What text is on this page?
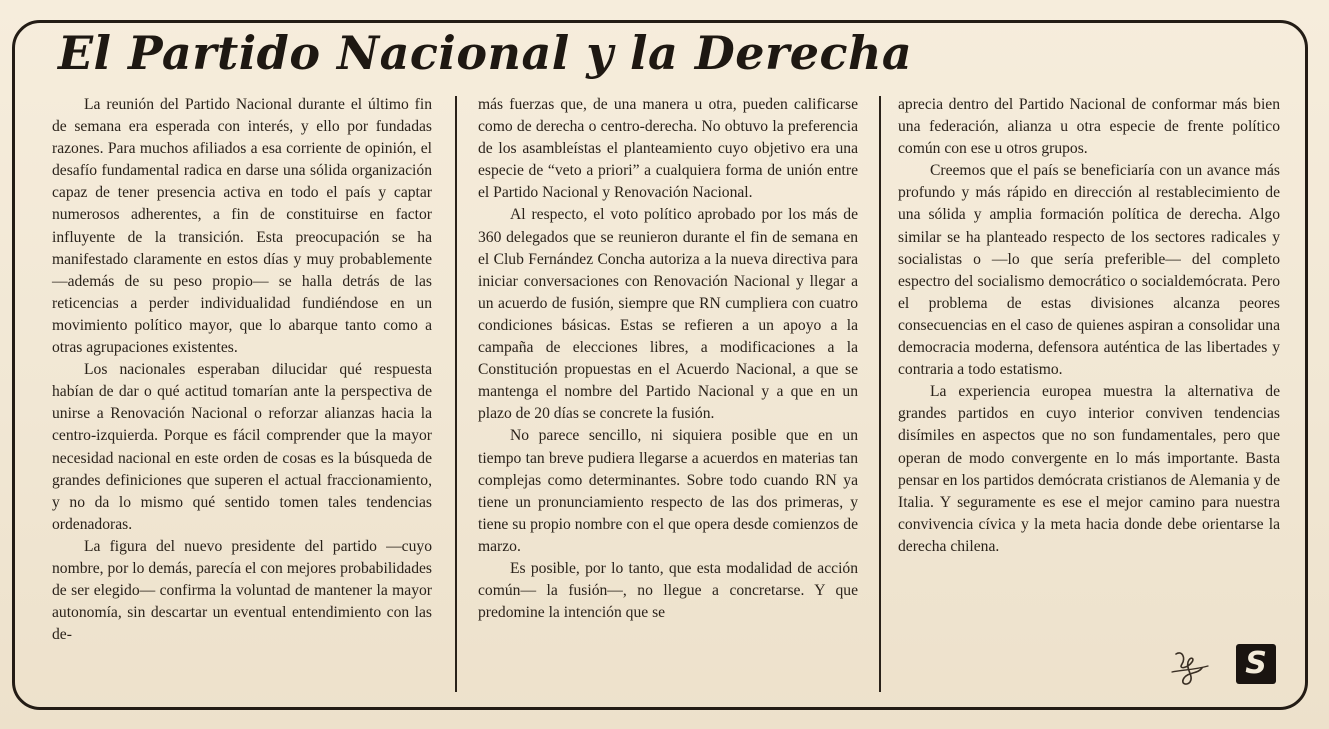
El Partido Nacional y la Derecha

La reunión del Partido Nacional durante el último fin de semana era esperada con interés, y ello por fundadas razones. Para muchos afiliados a esa corriente de opinión, el desafío fundamental radica en darse una sólida organización capaz de tener presencia activa en todo el país y captar numerosos adherentes, a fin de constituirse en factor influyente de la transición. Esta preocupación se ha manifestado claramente en estos días y muy probablemente —además de su peso propio— se halla detrás de las reticencias a perder individualidad fundiéndose en un movimiento político mayor, que lo abarque tanto como a otras agrupaciones existentes.

Los nacionales esperaban dilucidar qué respuesta habían de dar o qué actitud tomarían ante la perspectiva de unirse a Renovación Nacional o reforzar alianzas hacia la centro-izquierda. Porque es fácil comprender que la mayor necesidad nacional en este orden de cosas es la búsqueda de grandes definiciones que superen el actual fraccionamiento, y no da lo mismo qué sentido tomen tales tendencias ordenadoras.

La figura del nuevo presidente del partido —cuyo nombre, por lo demás, parecía el con mejores probabilidades de ser elegido— confirma la voluntad de mantener la mayor autonomía, sin descartar un eventual entendimiento con las de-

más fuerzas que, de una manera u otra, pueden calificarse como de derecha o centro-derecha. No obtuvo la preferencia de los asambleístas el planteamiento cuyo objetivo era una especie de “veto a priori” a cualquiera forma de unión entre el Partido Nacional y Renovación Nacional.

Al respecto, el voto político aprobado por los más de 360 delegados que se reunieron durante el fin de semana en el Club Fernández Concha autoriza a la nueva directiva para iniciar conversaciones con Renovación Nacional y llegar a un acuerdo de fusión, siempre que RN cumpliera con cuatro condiciones básicas. Estas se refieren a un apoyo a la campaña de elecciones libres, a modificaciones a la Constitución propuestas en el Acuerdo Nacional, a que se mantenga el nombre del Partido Nacional y a que en un plazo de 20 días se concrete la fusión.

No parece sencillo, ni siquiera posible que en un tiempo tan breve pudiera llegarse a acuerdos en materias tan complejas como determinantes. Sobre todo cuando RN ya tiene un pronunciamiento respecto de las dos primeras, y tiene su propio nombre con el que opera desde comienzos de marzo.

Es posible, por lo tanto, que esta modalidad de acción común— la fusión—, no llegue a concretarse. Y que predomine la intención que se

aprecia dentro del Partido Nacional de conformar más bien una federación, alianza u otra especie de frente político común con ese u otros grupos.

Creemos que el país se beneficiaría con un avance más profundo y más rápido en dirección al restablecimiento de una sólida y amplia formación política de derecha. Algo similar se ha planteado respecto de los sectores radicales y socialistas o —lo que sería preferible— del completo espectro del socialismo democrático o socialdemócrata. Pero el problema de estas divisiones alcanza peores consecuencias en el caso de quienes aspiran a consolidar una democracia moderna, defensora auténtica de las libertades y contraria a todo estatismo.

La experiencia europea muestra la alternativa de grandes partidos en cuyo interior conviven tendencias disímiles en aspectos que no son fundamentales, pero que operan de modo convergente en lo más importante. Basta pensar en los partidos demócrata cristianos de Alemania y de Italia. Y seguramente es ese el mejor camino para nuestra convivencia cívica y la meta hacia donde debe orientarse la derecha chilena.

S
